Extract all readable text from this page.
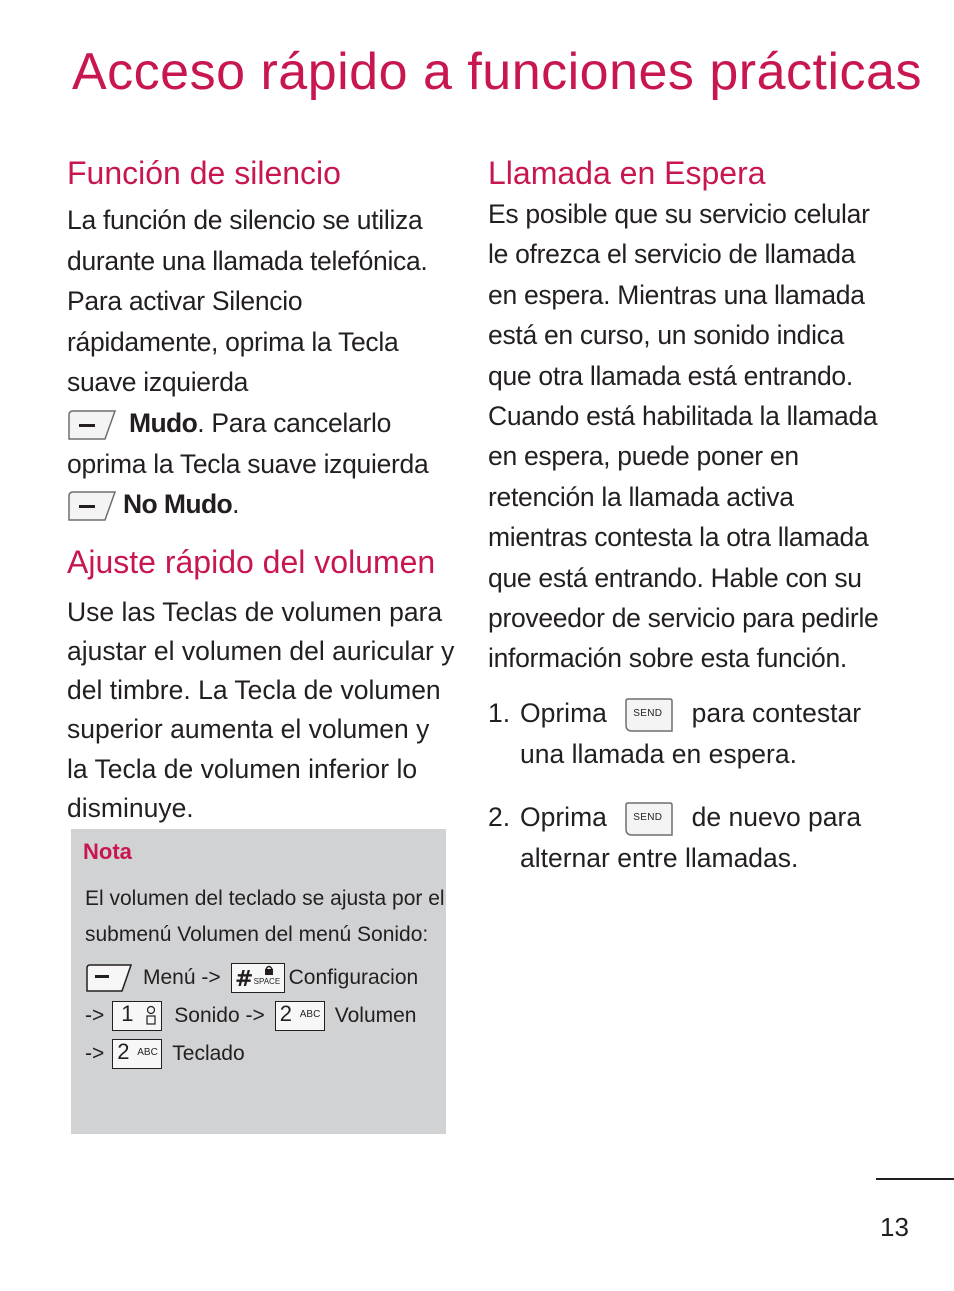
Acceso rápido a funciones prácticas
Función de silencio

La función de silencio se utiliza durante una llamada telefónica. Para activar Silencio rápidamente, oprima la Tecla suave izquierda

Mudo. Para cancelarlo oprima la Tecla suave izquierda

No Mudo.

Ajuste rápido del volumen

Use las Teclas de volumen para ajustar el volumen del auricular y del timbre. La Tecla de volumen superior aumenta el volumen y la Tecla de volumen inferior lo disminuye.

Nota

El volumen del teclado se ajusta por el submenú Volumen del menú Sonido:

Menú -> # SPACE Configuracion
-> 1 Sonido -> 2 ABC Volumen
-> 2 ABC Teclado
Llamada en Espera

Es posible que su servicio celular le ofrezca el servicio de llamada en espera. Mientras una llamada está en curso, un sonido indica que otra llamada está entrando. Cuando está habilitada la llamada en espera, puede poner en retención la llamada activa mientras contesta la otra llamada que está entrando. Hable con su proveedor de servicio para pedirle información sobre esta función.

1. Oprima	SEND para contestar una llamada en espera.
2. Oprima	SEND de nuevo para alternar entre llamadas.
13
